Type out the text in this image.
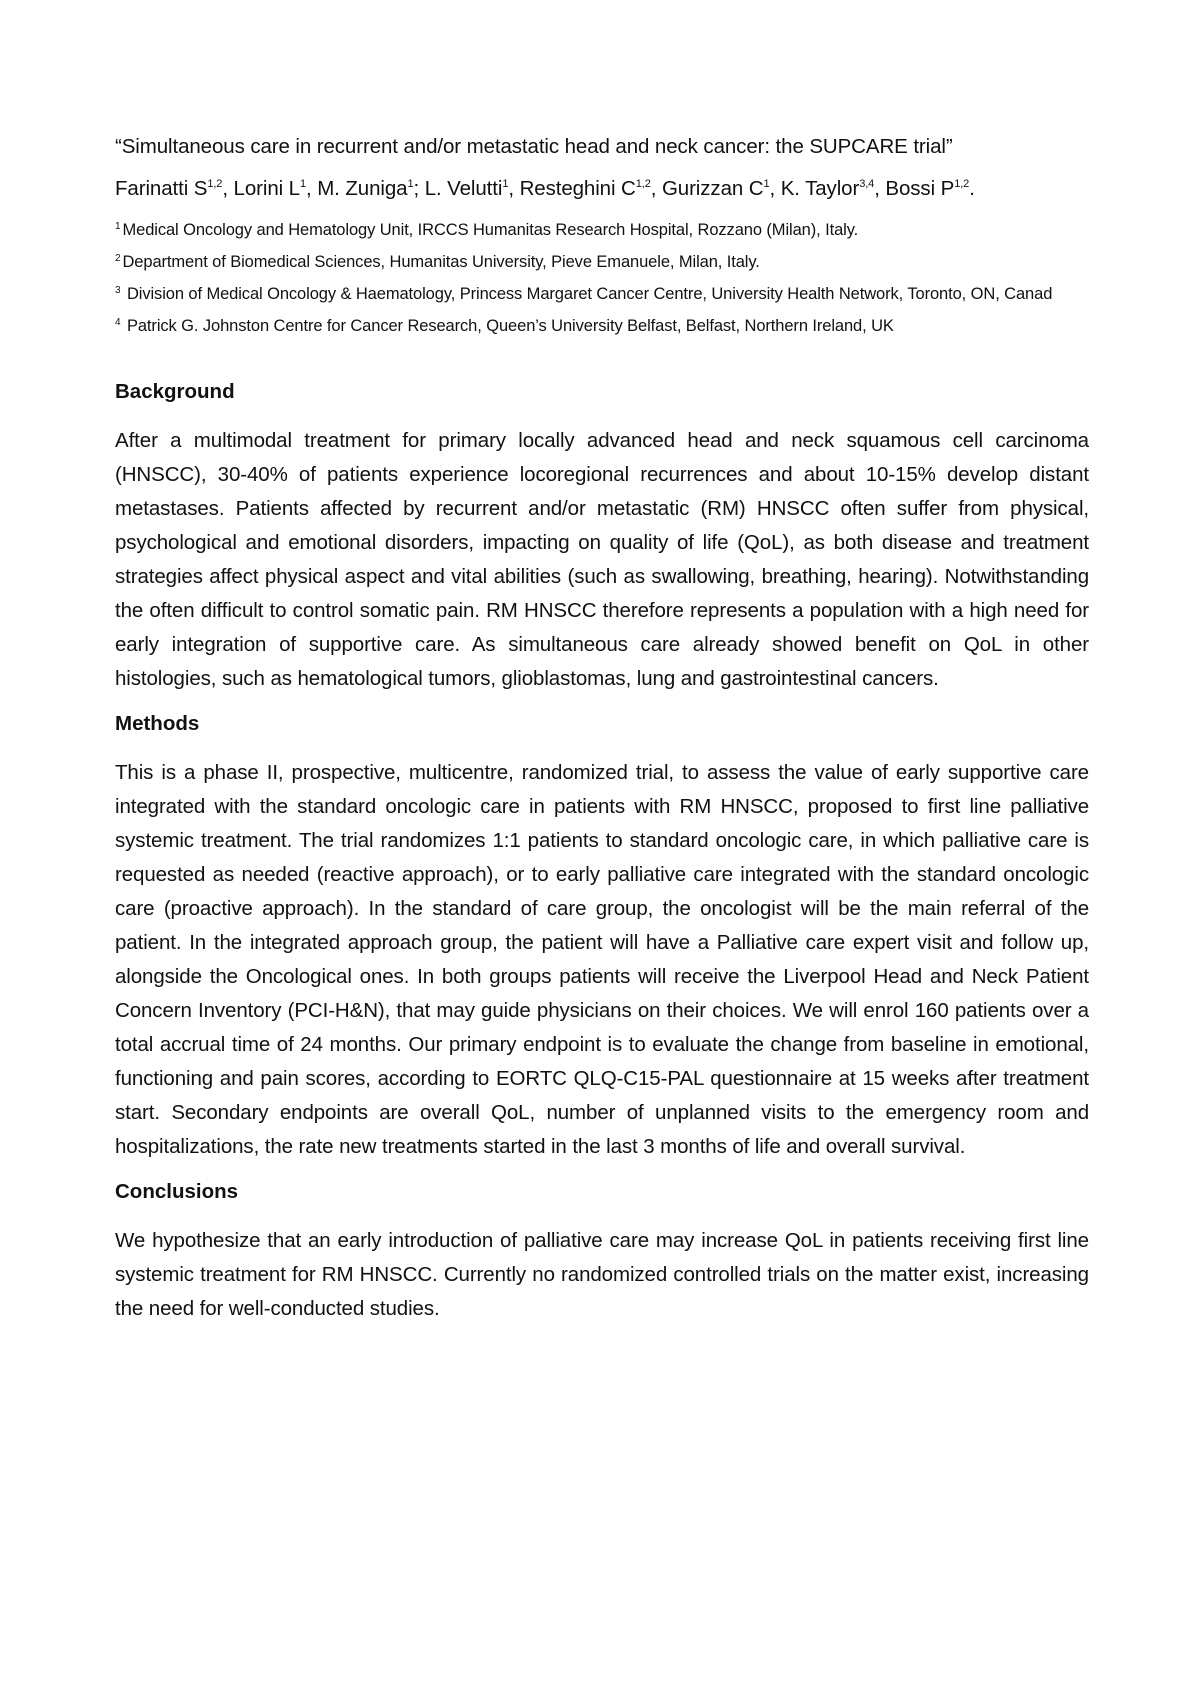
“Simultaneous care in recurrent and/or metastatic head and neck cancer: the SUPCARE trial”

Farinatti S$^{1,2}$, Lorini $L^1$, M. Zuniga$^1$; L. Velutti$^1$, Resteghini C$^{1,2}$, Gurizzan $C^1$, K. Taylor$^{3,4}$, Bossi P$^{1,2}$.

$^1$ Medical Oncology and Hematology Unit, IRCCS Humanitas Research Hospital, Rozzano (Milan), Italy.

$^2$ Department of Biomedical Sciences, Humanitas University, Pieve Emanuele, Milan, Italy.

$^3$ Division of Medical Oncology & Haematology, Princess Margaret Cancer Centre, University Health Network, Toronto, ON, Canad

$^4$ Patrick G. Johnston Centre for Cancer Research, Queen’s University Belfast, Belfast, Northern Ireland, UK

Background

After a multimodal treatment for primary locally advanced head and neck squamous cell carcinoma (HNSCC), 30-40% of patients experience locoregional recurrences and about 10-15% develop distant metastases. Patients affected by recurrent and/or metastatic (RM) HNSCC often suffer from physical, psychological and emotional disorders, impacting on quality of life (QoL), as both disease and treatment strategies affect physical aspect and vital abilities (such as swallowing, breathing, hearing). Notwithstanding the often difficult to control somatic pain. RM HNSCC therefore represents a population with a high need for early integration of supportive care. As simultaneous care already showed benefit on QoL in other histologies, such as hematological tumors, glioblastomas, lung and gastrointestinal cancers.

Methods

This is a phase II, prospective, multicentre, randomized trial, to assess the value of early supportive care integrated with the standard oncologic care in patients with RM HNSCC, proposed to first line palliative systemic treatment. The trial randomizes 1:1 patients to standard oncologic care, in which palliative care is requested as needed (reactive approach), or to early palliative care integrated with the standard oncologic care (proactive approach). In the standard of care group, the oncologist will be the main referral of the patient. In the integrated approach group, the patient will have a Palliative care expert visit and follow up, alongside the Oncological ones. In both groups patients will receive the Liverpool Head and Neck Patient Concern Inventory (PCI-H&N), that may guide physicians on their choices. We will enrol 160 patients over a total accrual time of 24 months. Our primary endpoint is to evaluate the change from baseline in emotional, functioning and pain scores, according to EORTC QLQ-C15-PAL questionnaire at 15 weeks after treatment start. Secondary endpoints are overall QoL, number of unplanned visits to the emergency room and hospitalizations, the rate new treatments started in the last 3 months of life and overall survival.

Conclusions

We hypothesize that an early introduction of palliative care may increase QoL in patients receiving first line systemic treatment for RM HNSCC. Currently no randomized controlled trials on the matter exist, increasing the need for well-conducted studies.
